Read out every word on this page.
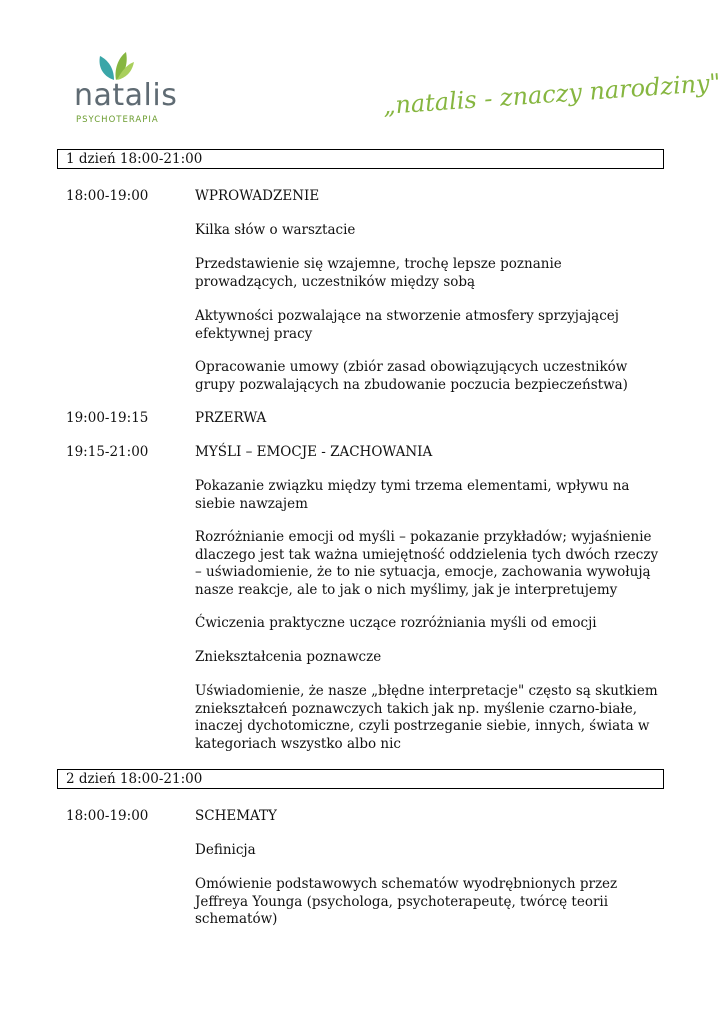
natalis
PSYCHOTERAPIA	„natalis - znaczy narodziny"
1 dzień 18:00-21:00
18:00-19:00	WPROWADZENIE
Kilka słów o warsztacie
Przedstawienie się wzajemne, trochę lepsze poznanie prowadzących, uczestników między sobą
Aktywności pozwalające na stworzenie atmosfery sprzyjającej efektywnej pracy
Opracowanie umowy (zbiór zasad obowiązujących uczestników grupy pozwalających na zbudowanie poczucia bezpieczeństwa)
19:00-19:15	PRZERWA
19:15-21:00	MYŚLI – EMOCJE - ZACHOWANIA
Pokazanie związku między tymi trzema elementami, wpływu na siebie nawzajem
Rozróżnianie emocji od myśli – pokazanie przykładów; wyjaśnienie dlaczego jest tak ważna umiejętność oddzielenia tych dwóch rzeczy – uświadomienie, że to nie sytuacja, emocje, zachowania wywołują nasze reakcje, ale to jak o nich myślimy, jak je interpretujemy
Ćwiczenia praktyczne uczące rozróżniania myśli od emocji
Zniekształcenia poznawcze
Uświadomienie, że nasze „błędne interpretacje" często są skutkiem zniekształceń poznawczych takich jak np. myślenie czarno-białe, inaczej dychotomiczne, czyli postrzeganie siebie, innych, świata w kategoriach wszystko albo nic
2 dzień 18:00-21:00
18:00-19:00	SCHEMATY
Definicja
Omówienie podstawowych schematów wyodrębnionych przez Jeffreya Younga (psychologa, psychoterapeutę, twórcę teorii schematów)
